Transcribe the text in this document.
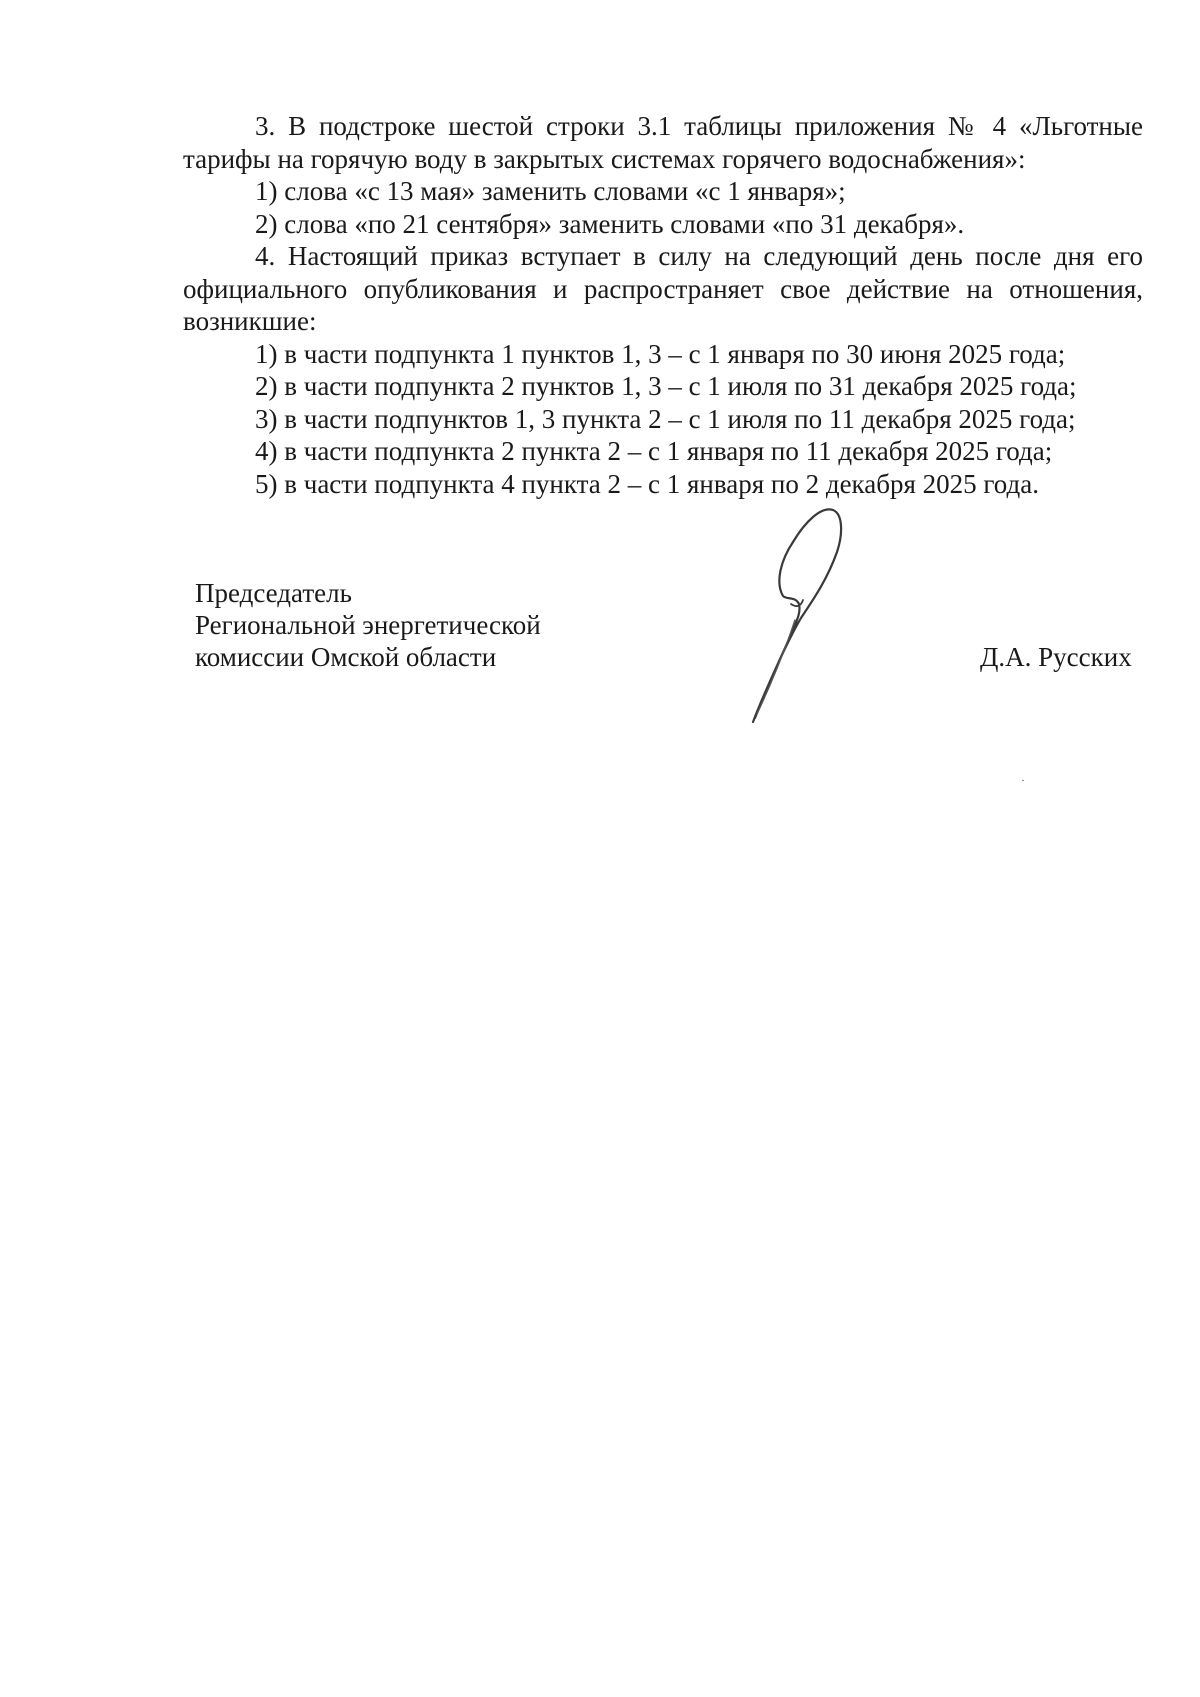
3. В подстроке шестой строки 3.1 таблицы приложения № 4 «Льготные тарифы на горячую воду в закрытых системах горячего водоснабжения»:

1) слова «с 13 мая» заменить словами «с 1 января»;

2) слова «по 21 сентября» заменить словами «по 31 декабря».

4. Настоящий приказ вступает в силу на следующий день после дня его официального опубликования и распространяет свое действие на отношения, возникшие:

1) в части подпункта 1 пунктов 1, 3 – с 1 января по 30 июня 2025 года;

2) в части подпункта 2 пунктов 1, 3 – с 1 июля по 31 декабря 2025 года;

3) в части подпунктов 1, 3 пункта 2 – с 1 июля по 11 декабря 2025 года;

4) в части подпункта 2 пункта 2 – с 1 января по 11 декабря 2025 года;

5) в части подпункта 4 пункта 2 – с 1 января по 2 декабря 2025 года.

Председатель
Региональной энергетической
комиссии Омской области	Д.А. Русских
